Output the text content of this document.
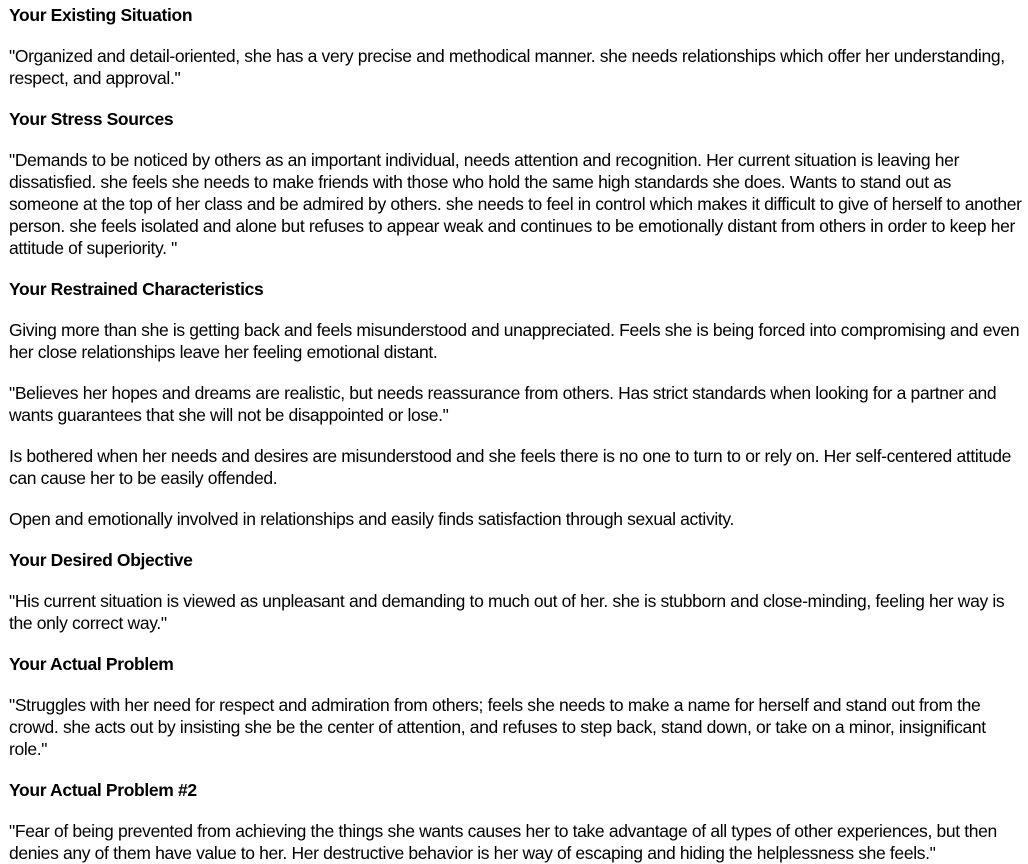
Your Existing Situation

"Organized and detail-oriented, she has a very precise and methodical manner. she needs relationships which offer her understanding, respect, and approval."

Your Stress Sources

"Demands to be noticed by others as an important individual, needs attention and recognition. Her current situation is leaving her dissatisfied. she feels she needs to make friends with those who hold the same high standards she does. Wants to stand out as someone at the top of her class and be admired by others. she needs to feel in control which makes it difficult to give of herself to another person. she feels isolated and alone but refuses to appear weak and continues to be emotionally distant from others in order to keep her attitude of superiority. "

Your Restrained Characteristics

Giving more than she is getting back and feels misunderstood and unappreciated. Feels she is being forced into compromising and even her close relationships leave her feeling emotional distant.

"Believes her hopes and dreams are realistic, but needs reassurance from others. Has strict standards when looking for a partner and wants guarantees that she will not be disappointed or lose."

Is bothered when her needs and desires are misunderstood and she feels there is no one to turn to or rely on. Her self-centered attitude can cause her to be easily offended.

Open and emotionally involved in relationships and easily finds satisfaction through sexual activity.

Your Desired Objective

"His current situation is viewed as unpleasant and demanding to much out of her. she is stubborn and close-minding, feeling her way is the only correct way."

Your Actual Problem

"Struggles with her need for respect and admiration from others; feels she needs to make a name for herself and stand out from the crowd. she acts out by insisting she be the center of attention, and refuses to step back, stand down, or take on a minor, insignificant role."

Your Actual Problem #2

"Fear of being prevented from achieving the things she wants causes her to take advantage of all types of other experiences, but then denies any of them have value to her. Her destructive behavior is her way of escaping and hiding the helplessness she feels."
